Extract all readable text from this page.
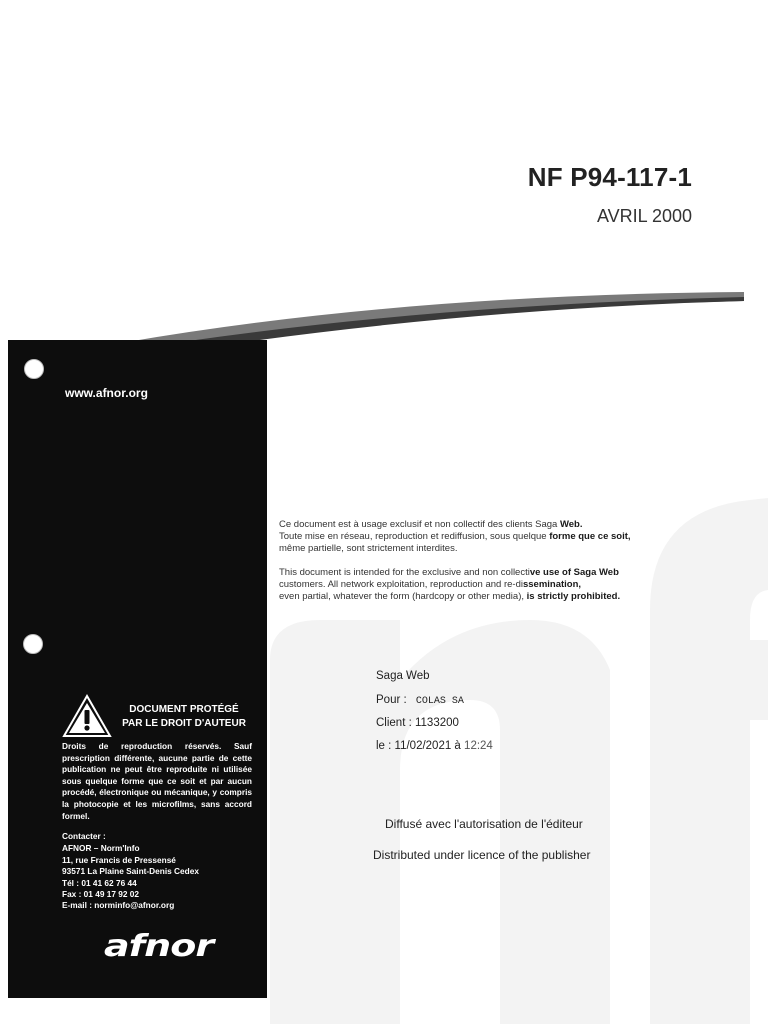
NF P94-117-1
AVRIL 2000
www.afnor.org
DOCUMENT PROTÉGÉ
PAR LE DROIT D'AUTEUR
Droits de reproduction réservés. Sauf prescription différente, aucune partie de cette publication ne peut être reproduite ni utilisée sous quelque forme que ce soit et par aucun procédé, électronique ou mécanique, y compris la photocopie et les microfilms, sans accord formel.
Contacter :
AFNOR – Norm'Info
11, rue Francis de Pressensé
93571 La Plaine Saint-Denis Cedex
Tél : 01 41 62 76 44
Fax : 01 49 17 92 02
E-mail : norminfo@afnor.org
afnor
Ce document est à usage exclusif et non collectif des clients Saga Web.
Toute mise en réseau, reproduction et rediffusion, sous quelque forme que ce soit,
même partielle, sont strictement interdites.
This document is intended for the exclusive and non collective use of Saga Web
customers. All network exploitation, reproduction and re-dissemination,
even partial, whatever the form (hardcopy or other media), is strictly prohibited.
Saga Web
Pour : COLAS SA
Client : 1133200
le : 11/02/2021 à 12:24
Diffusé avec l'autorisation de l'éditeur
Distributed under licence of the publisher
